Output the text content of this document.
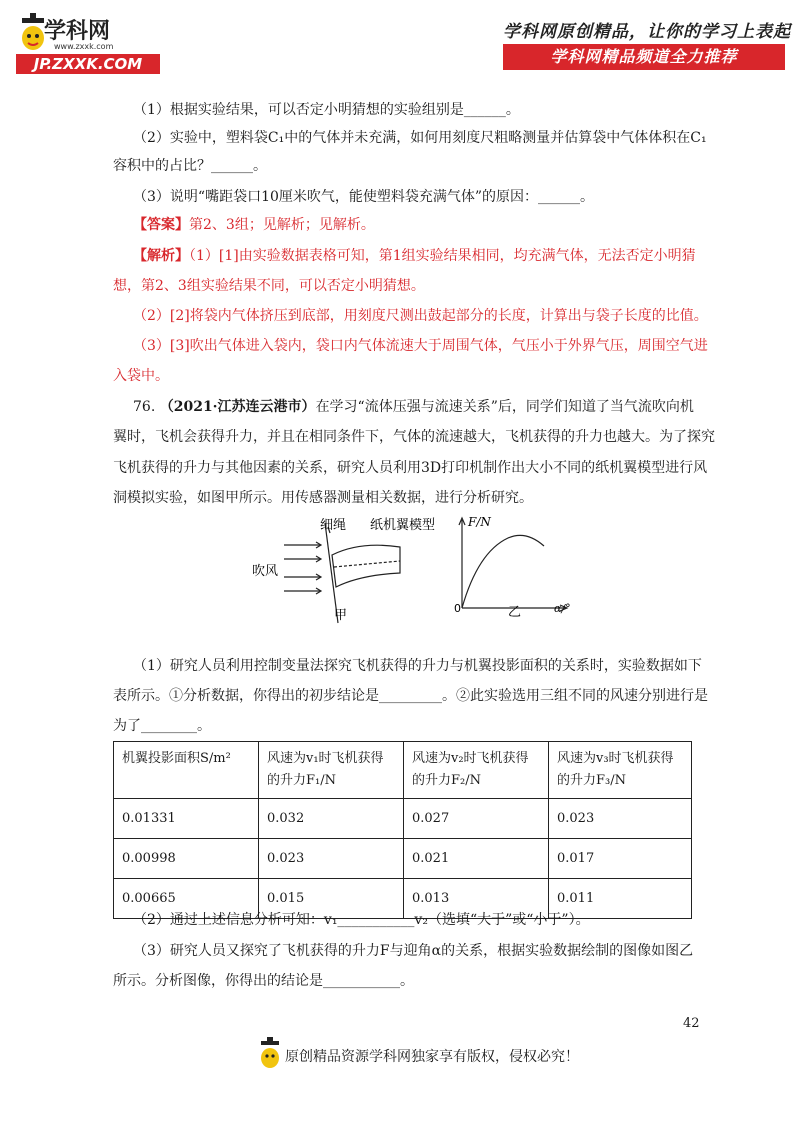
学科网
www.zxxk.com
JP.ZXXK.COM
学科网原创精品，让你的学习上表起
学科网精品频道全力推荐
（1）根据实验结果，可以否定小明猜想的实验组别是______。
（2）实验中，塑料袋C₁中的气体并未充满，如何用刻度尺粗略测量并估算袋中气体体积在C₁
容积中的占比？______。
（3）说明“嘴距袋口10厘米吹气，能使塑料袋充满气体”的原因：______。
【答案】第2、3组；见解析；见解析。
【解析】（1）[1]由实验数据表格可知，第1组实验结果相同，均充满气体，无法否定小明猜
想，第2、3组实验结果不同，可以否定小明猜想。
（2）[2]将袋内气体挤压到底部，用刻度尺测出鼓起部分的长度，计算出与袋子长度的比值。
（3）[3]吹出气体进入袋内，袋口内气体流速大于周围气体，气压小于外界气压，周围空气进
入袋中。
76. （2021·江苏连云港市）在学习“流体压强与流速关系”后，同学们知道了当气流吹向机
翼时，飞机会获得升力，并且在相同条件下，气体的流速越大，飞机获得的升力也越大。为了探究
飞机获得的升力与其他因素的关系，研究人员利用3D打印机制作出大小不同的纸机翼模型进行风
洞模拟实验，如图甲所示。用传感器测量相关数据，进行分析研究。
细绳 纸机翼模型
吹风
甲
F/N
0	α/°
乙
（1）研究人员利用控制变量法探究飞机获得的升力与机翼投影面积的关系时，实验数据如下
表所示。①分析数据，你得出的初步结论是_________。②此实验选用三组不同的风速分别进行是
为了________。
机翼投影面积S/m²	风速为v₁时飞机获得的升力F₁/N	风速为v₂时飞机获得的升力F₂/N	风速为v₃时飞机获得的升力F₃/N
0.01331	0.032	0.027	0.023
0.00998	0.023	0.021	0.017
0.00665	0.015	0.013	0.011
（2）通过上述信息分析可知：v₁___________v₂（选填“大于”或“小于”）。
（3）研究人员又探究了飞机获得的升力F与迎角α的关系，根据实验数据绘制的图像如图乙
所示。分析图像，你得出的结论是___________。
42
原创精品资源学科网独家享有版权，侵权必究！
